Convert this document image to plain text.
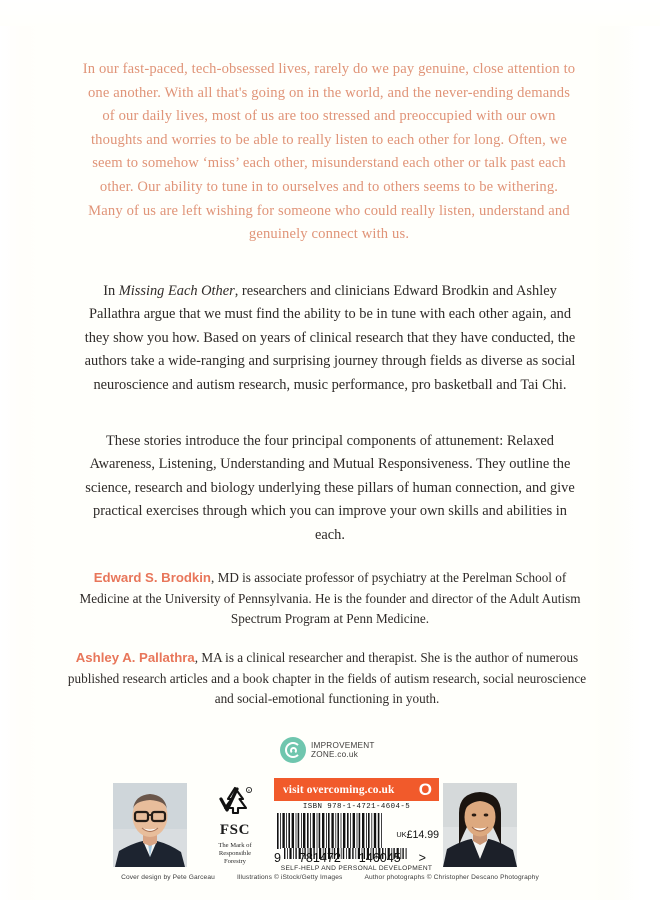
In our fast-paced, tech-obsessed lives, rarely do we pay genuine, close attention to one another. With all that's going on in the world, and the never-ending demands of our daily lives, most of us are too stressed and preoccupied with our own thoughts and worries to be able to really listen to each other for long. Often, we seem to somehow ‘miss’ each other, misunderstand each other or talk past each other. Our ability to tune in to ourselves and to others seems to be withering. Many of us are left wishing for someone who could really listen, understand and genuinely connect with us.
In Missing Each Other, researchers and clinicians Edward Brodkin and Ashley Pallathra argue that we must find the ability to be in tune with each other again, and they show you how. Based on years of clinical research that they have conducted, the authors take a wide-ranging and surprising journey through fields as diverse as social neuroscience and autism research, music performance, pro basketball and Tai Chi.
These stories introduce the four principal components of attunement: Relaxed Awareness, Listening, Understanding and Mutual Responsiveness. They outline the science, research and biology underlying these pillars of human connection, and give practical exercises through which you can improve your own skills and abilities in each.
Edward S. Brodkin, MD is associate professor of psychiatry at the Perelman School of Medicine at the University of Pennsylvania. He is the founder and director of the Adult Autism Spectrum Program at Penn Medicine.
Ashley A. Pallathra, MA is a clinical researcher and therapist. She is the author of numerous published research articles and a book chapter in the fields of autism research, social neuroscience and social-emotional functioning in youth.
IMPROVEMENT
ZONE.co.uk
R
FSC
The Mark of
Responsible
Forestry
visit overcoming.co.uk O
ISBN 978-1-4721-4604-5
UK£14.99
9 781472 146045 >
SELF-HELP AND PERSONAL DEVELOPMENT
Cover design by Pete Garceau	Illustrations © iStock/Getty Images	Author photographs © Christopher Descano Photography
